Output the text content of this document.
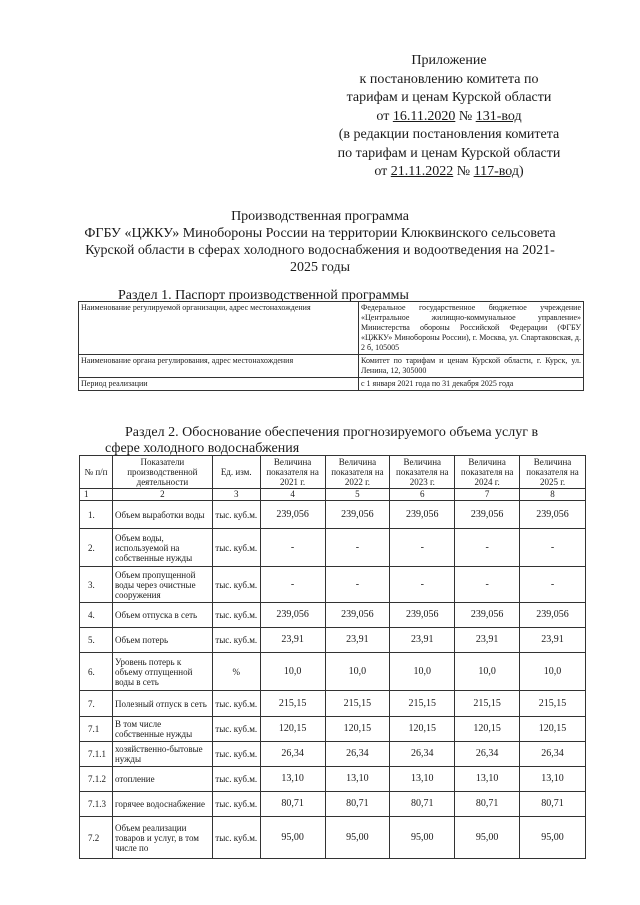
Приложение
к постановлению комитета по
тарифам и ценам Курской области
от 16.11.2020 № 131-вод
(в редакции постановления комитета
по тарифам и ценам Курской области
от 21.11.2022 № 117-вод)
Производственная программа
ФГБУ «ЦЖКУ» Минобороны России на территории Клюквинского сельсовета
Курской области в сферах холодного водоснабжения и водоотведения на 2021-
2025 годы
Раздел 1. Паспорт производственной программы
Наименование регулируемой организации, адрес местонахождения	Федеральное государственное бюджетное учреждение «Центральное жилищно-коммунальное управление» Министерства обороны Российской Федерации (ФГБУ «ЦЖКУ» Минобороны России), г. Москва, ул. Спартаковская, д. 2 б, 105005
Наименование органа регулирования, адрес местонахождения	Комитет по тарифам и ценам Курской области, г. Курск, ул. Ленина, 12, 305000
Период реализации	с 1 января 2021 года по 31 декабря 2025 года
Раздел 2. Обоснование обеспечения прогнозируемого объема услуг в
сфере холодного водоснабжения
№ п/п	Показатели производственной деятельности	Ед. изм.	Величина показателя на 2021 г.	Величина показателя на 2022 г.	Величина показателя на 2023 г.	Величина показателя на 2024 г.	Величина показателя на 2025 г.
1	2	3	4	5	6	7	8
1.	Объем выработки воды	тыс. куб.м.	239,056	239,056	239,056	239,056	239,056
2.	Объем воды, используемой на собственные нужды	тыс. куб.м.	-	-	-	-	-
3.	Объем пропущенной воды через очистные сооружения	тыс. куб.м.	-	-	-	-	-
4.	Объем отпуска в сеть	тыс. куб.м.	239,056	239,056	239,056	239,056	239,056
5.	Объем потерь	тыс. куб.м.	23,91	23,91	23,91	23,91	23,91
6.	Уровень потерь к объему отпущенной воды в сеть	%	10,0	10,0	10,0	10,0	10,0
7.	Полезный отпуск в сеть	тыс. куб.м.	215,15	215,15	215,15	215,15	215,15
7.1	В том числе собственные нужды	тыс. куб.м.	120,15	120,15	120,15	120,15	120,15
7.1.1	хозяйственно-бытовые нужды	тыс. куб.м.	26,34	26,34	26,34	26,34	26,34
7.1.2	отопление	тыс. куб.м.	13,10	13,10	13,10	13,10	13,10
7.1.3	горячее водоснабжение	тыс. куб.м.	80,71	80,71	80,71	80,71	80,71
7.2	Объем реализации товаров и услуг, в том числе по	тыс. куб.м.	95,00	95,00	95,00	95,00	95,00
